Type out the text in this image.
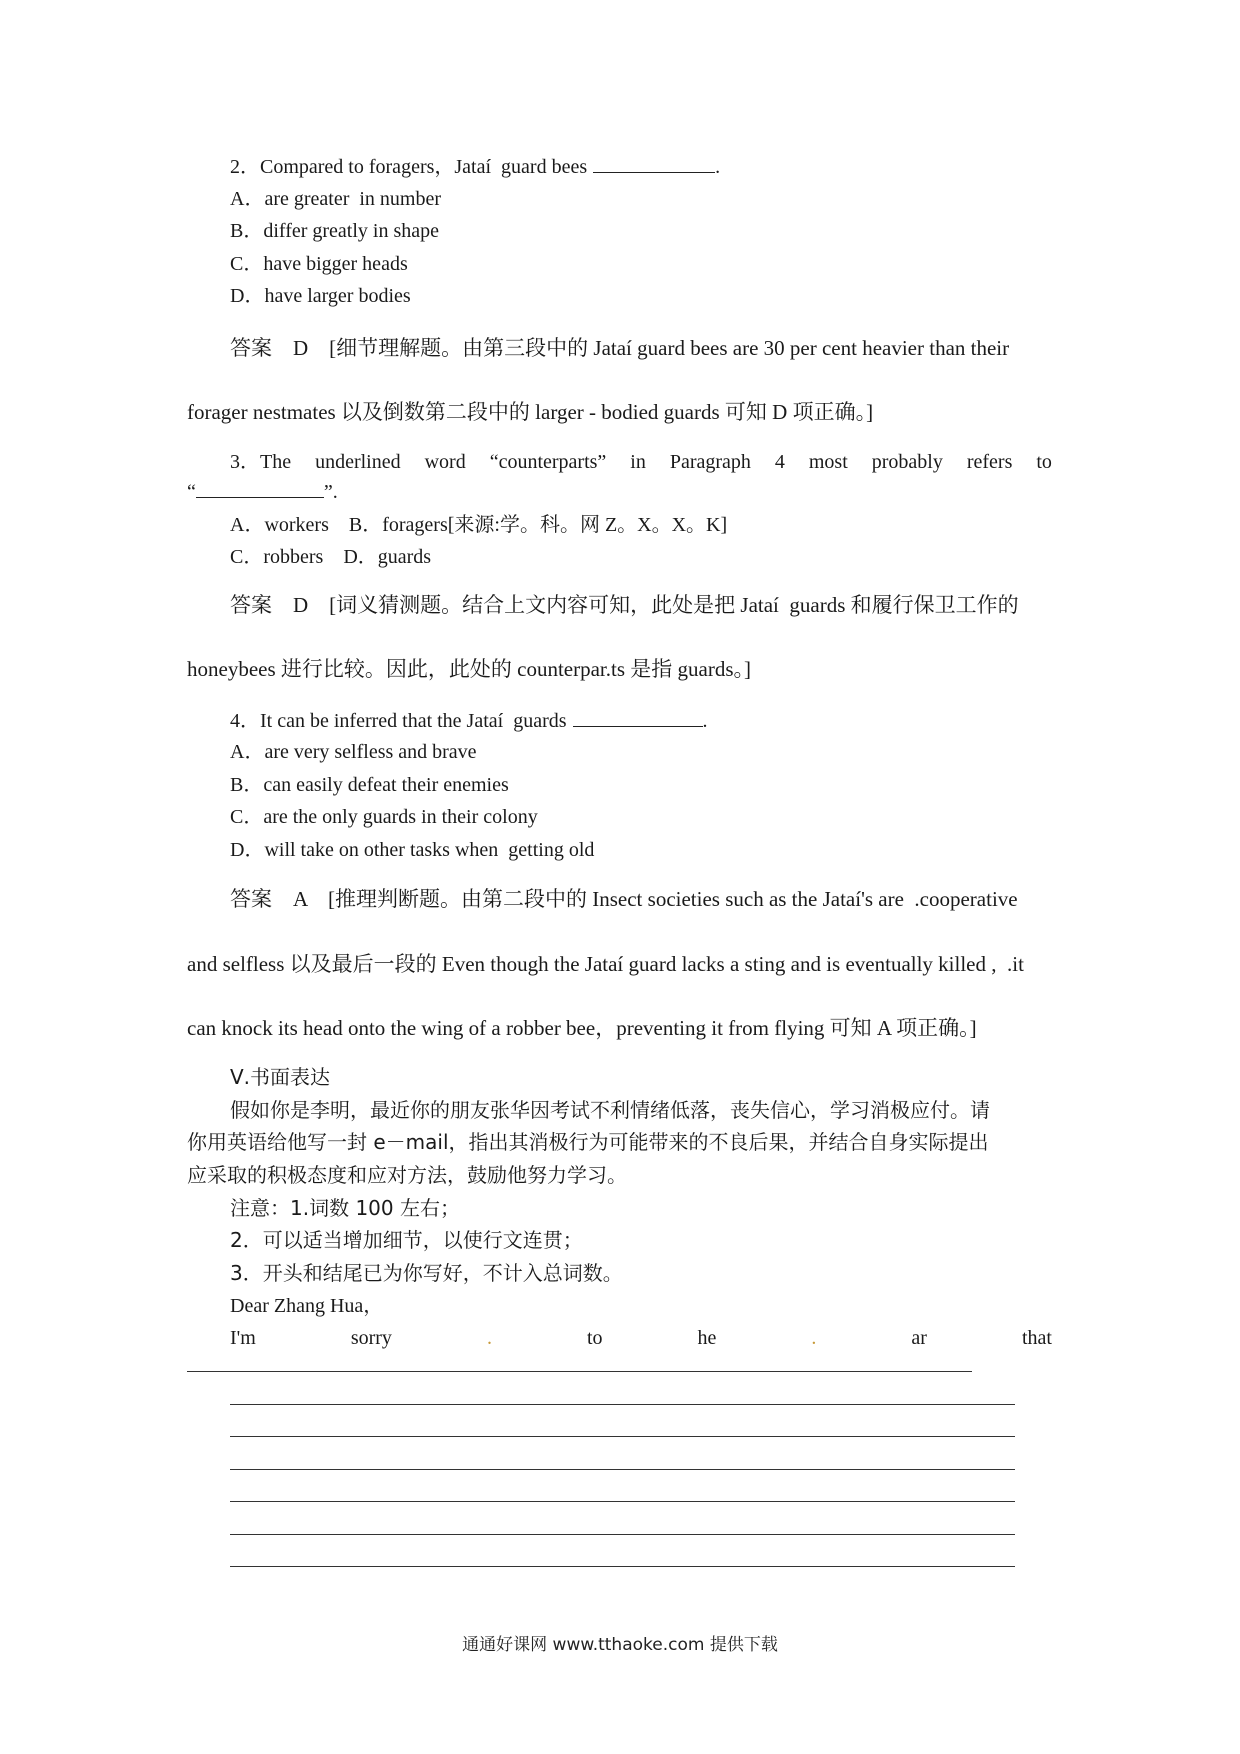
2．Compared to foragers，Jataí  guard bees	.
A．are greater  in number
B．differ greatly in shape
C．have bigger heads
D．have larger bodies
答案　D　[细节理解题。由第三段中的 Jataí guard bees are 30 per cent heavier than their
forager nestmates 以及倒数第二段中的 larger - bodied guards 可知 D 项正确。]
3．The underlined word “counterparts” in Paragraph 4 most probably refers to
“	”.
A．workers　B．foragers[来源:学。科。网 Z。X。X。K]
C．robbers　D．guards
答案　D　[词义猜测题。结合上文内容可知，此处是把 Jataí  guards 和履行保卫工作的
honeybees 进行比较。因此，此处的 counterpar.ts 是指 guards。]
4．It can be inferred that the Jataí  guards	.
A．are very selfless and brave
B．can easily defeat their enemies
C．are the only guards in their colony
D．will take on other tasks when  getting old
答案　A　[推理判断题。由第二段中的 Insect societies such as the Jataí's are  .cooperative
and selfless 以及最后一段的 Even though the Jataí guard lacks a sting and is eventually killed ,  .it
can knock its head onto the wing of a robber bee，preventing it from flying 可知 A 项正确。]
Ⅴ.书面表达
假如你是李明，最近你的朋友张华因考试不利情绪低落，丧失信心，学习消极应付。请
你用英语给他写一封 e－mail，指出其消极行为可能带来的不良后果，并结合自身实际提出
应采取的积极态度和应对方法，鼓励他努力学习。
注意：1.词数 100 左右；
2．可以适当增加细节，以使行文连贯；
3．开头和结尾已为你写好，不计入总词数。
Dear Zhang Hua，
I'm	sorry	.	to	he	.	ar	that
通通好课网 www.tthaoke.com 提供下载
